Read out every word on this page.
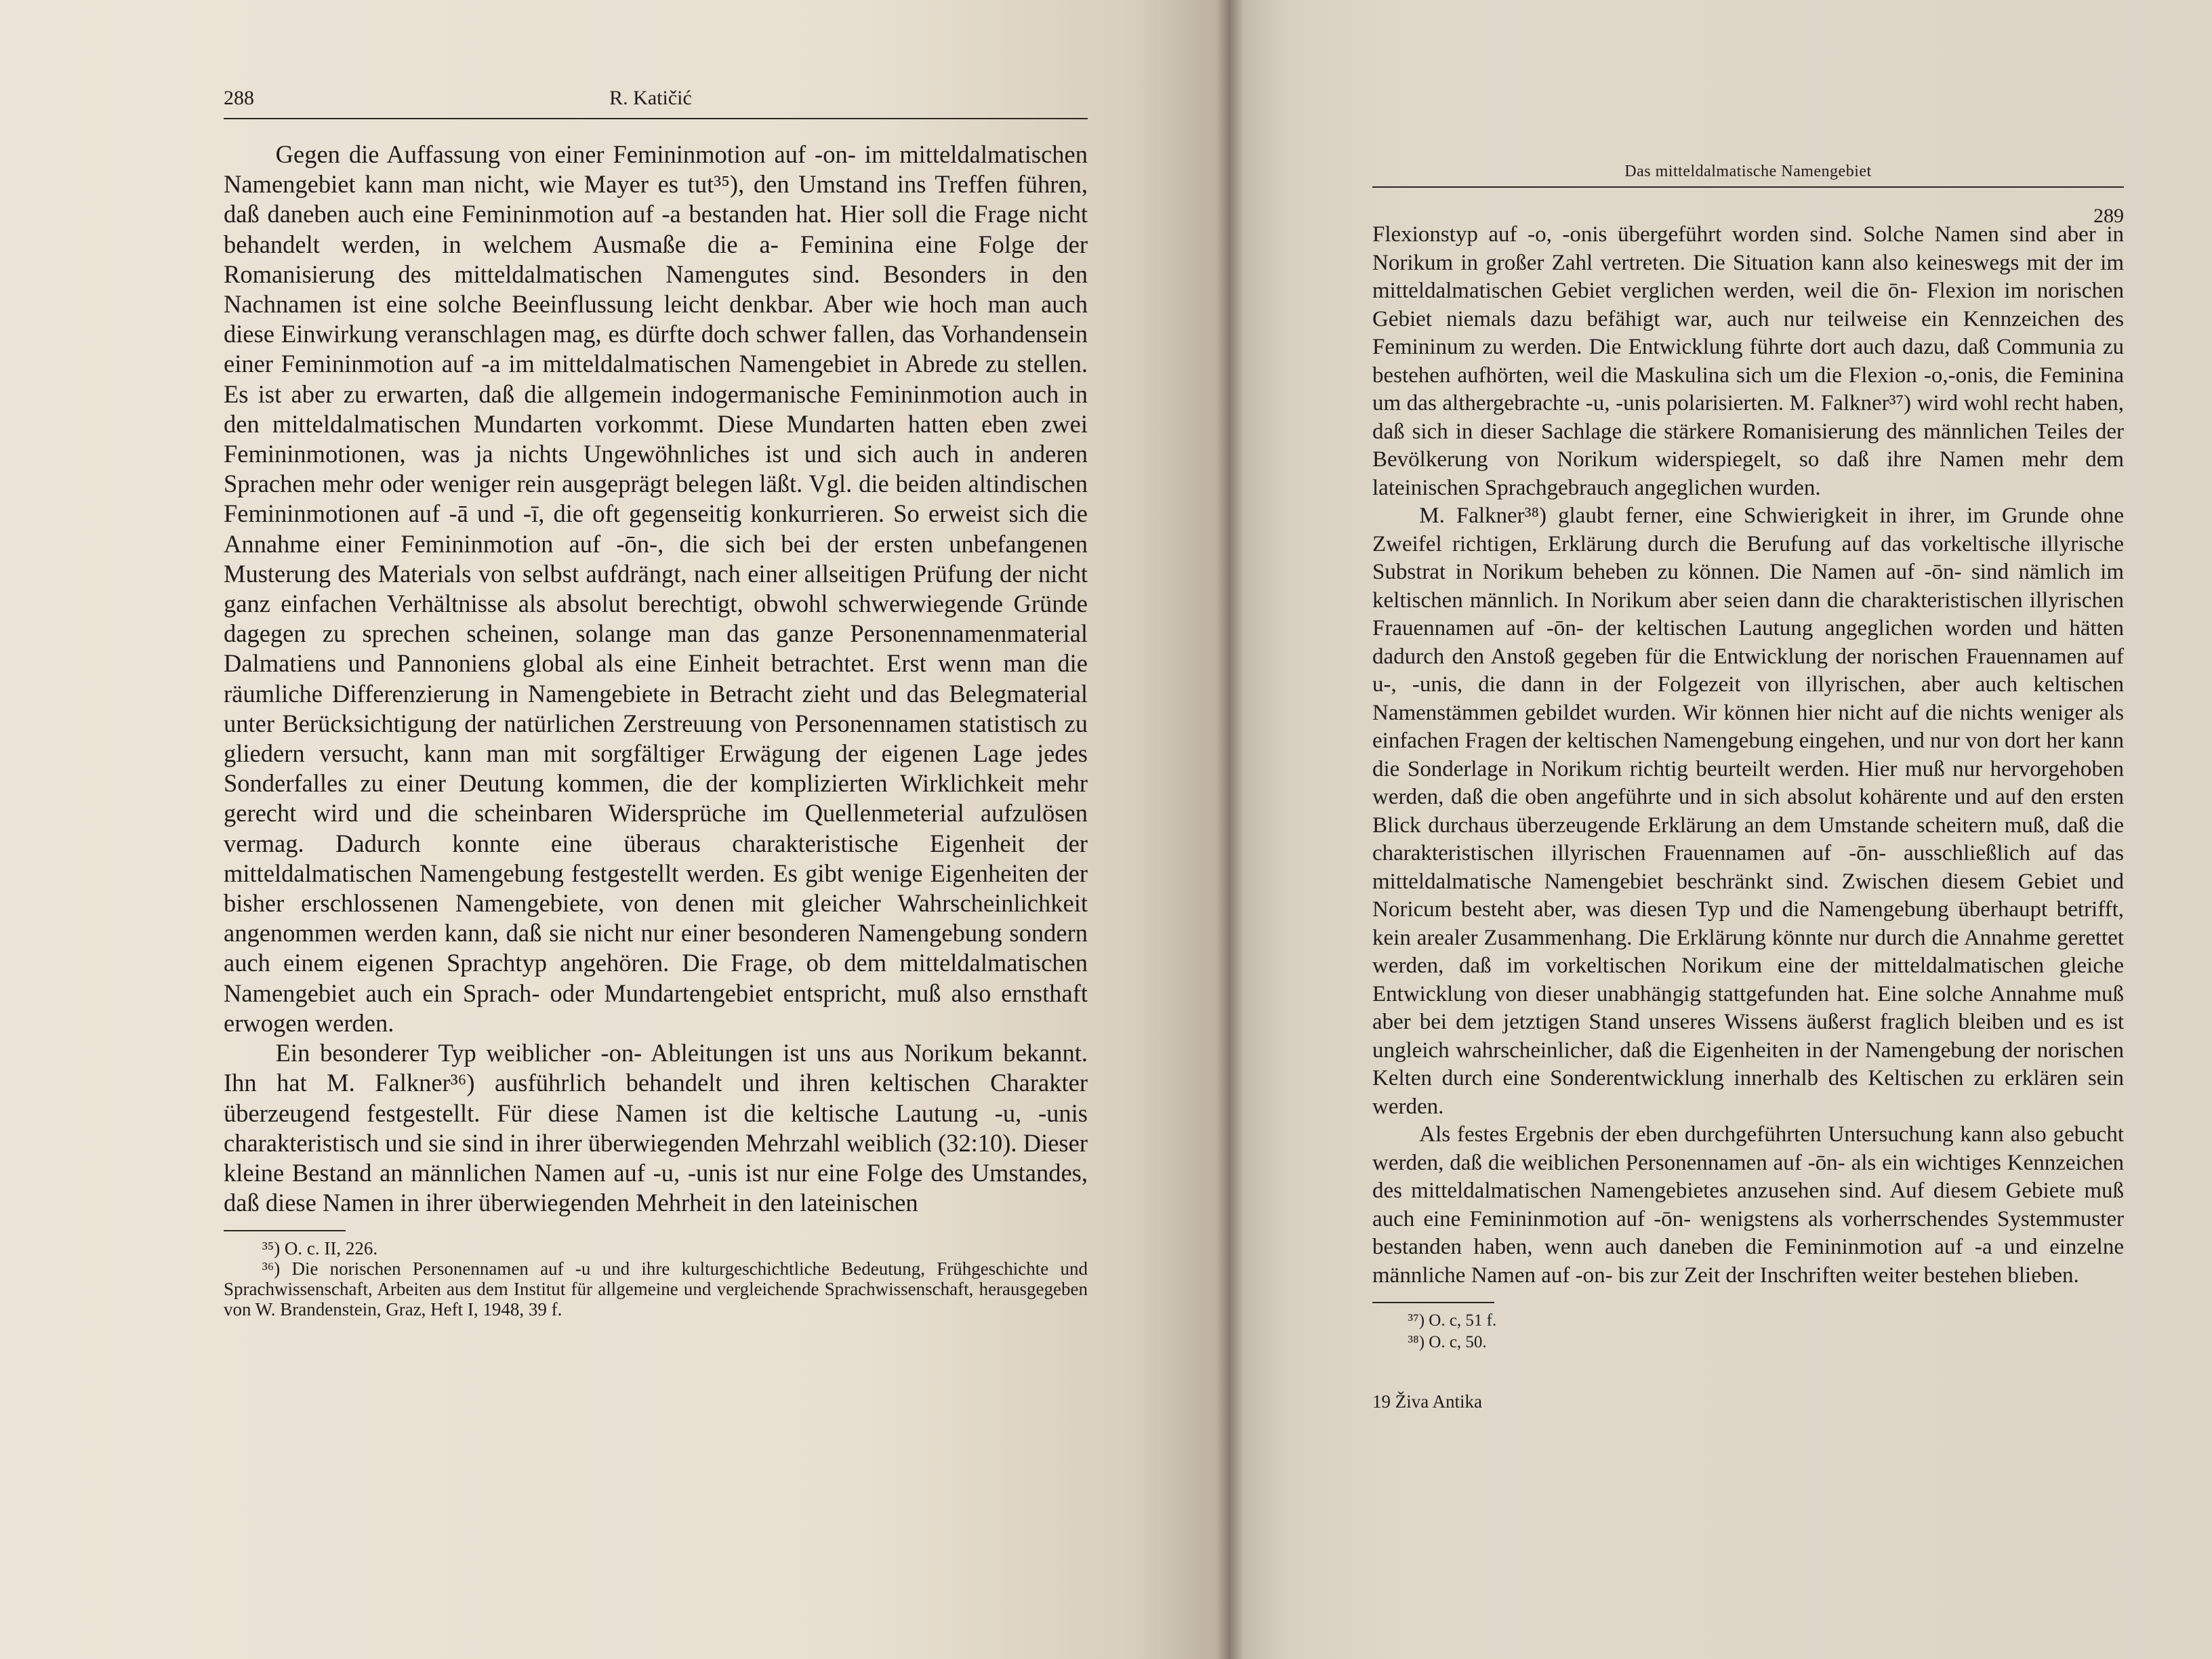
288	R. Katičić

Gegen die Auffassung von einer Femininmotion auf -on- im mitteldalmatischen Namengebiet kann man nicht, wie Mayer es tut³⁵), den Umstand ins Treffen führen, daß daneben auch eine Femininmotion auf -a bestanden hat. Hier soll die Frage nicht behandelt werden, in welchem Ausmaße die a- Feminina eine Folge der Romanisierung des mitteldalmatischen Namengutes sind. Besonders in den Nachnamen ist eine solche Beeinflussung leicht denkbar. Aber wie hoch man auch diese Einwirkung veranschlagen mag, es dürfte doch schwer fallen, das Vorhandensein einer Femininmotion auf -a im mitteldalmatischen Namengebiet in Abrede zu stellen. Es ist aber zu erwarten, daß die allgemein indogermanische Femininmotion auch in den mitteldalmatischen Mundarten vorkommt. Diese Mundarten hatten eben zwei Femininmotionen, was ja nichts Ungewöhnliches ist und sich auch in anderen Sprachen mehr oder weniger rein ausgeprägt belegen läßt. Vgl. die beiden altindischen Femininmotionen auf -ā und -ī, die oft gegenseitig konkurrieren. So erweist sich die Annahme einer Femininmotion auf -ōn-, die sich bei der ersten unbefangenen Musterung des Materials von selbst aufdrängt, nach einer allseitigen Prüfung der nicht ganz einfachen Verhältnisse als absolut berechtigt, obwohl schwerwiegende Gründe dagegen zu sprechen scheinen, solange man das ganze Personennamenmaterial Dalmatiens und Pannoniens global als eine Einheit betrachtet. Erst wenn man die räumliche Differenzierung in Namengebiete in Betracht zieht und das Belegmaterial unter Berücksichtigung der natürlichen Zerstreuung von Personennamen statistisch zu gliedern versucht, kann man mit sorgfältiger Erwägung der eigenen Lage jedes Sonderfalles zu einer Deutung kommen, die der komplizierten Wirklichkeit mehr gerecht wird und die scheinbaren Widersprüche im Quellenmeterial aufzulösen vermag. Dadurch konnte eine überaus charakteristische Eigenheit der mitteldalmatischen Namengebung festgestellt werden. Es gibt wenige Eigenheiten der bisher erschlossenen Namengebiete, von denen mit gleicher Wahrscheinlichkeit angenommen werden kann, daß sie nicht nur einer besonderen Namengebung sondern auch einem eigenen Sprachtyp angehören. Die Frage, ob dem mitteldalmatischen Namengebiet auch ein Sprach- oder Mundartengebiet entspricht, muß also ernsthaft erwogen werden.

Ein besonderer Typ weiblicher -on- Ableitungen ist uns aus Norikum bekannt. Ihn hat M. Falkner³⁶) ausführlich behandelt und ihren keltischen Charakter überzeugend festgestellt. Für diese Namen ist die keltische Lautung -u, -unis charakteristisch und sie sind in ihrer überwiegenden Mehrzahl weiblich (32:10). Dieser kleine Bestand an männlichen Namen auf -u, -unis ist nur eine Folge des Umstandes, daß diese Namen in ihrer überwiegenden Mehrheit in den lateinischen

³⁵) O. c. II, 226.

³⁶) Die norischen Personennamen auf -u und ihre kulturgeschichtliche Bedeutung, Frühgeschichte und Sprachwissenschaft, Arbeiten aus dem Institut für allgemeine und vergleichende Sprachwissenschaft, herausgegeben von W. Brandenstein, Graz, Heft I, 1948, 39 f.

Das mitteldalmatische Namengebiet
289

Flexionstyp auf -o, -onis übergeführt worden sind. Solche Namen sind aber in Norikum in großer Zahl vertreten. Die Situation kann also keineswegs mit der im mitteldalmatischen Gebiet verglichen werden, weil die ōn- Flexion im norischen Gebiet niemals dazu befähigt war, auch nur teilweise ein Kennzeichen des Femininum zu werden. Die Entwicklung führte dort auch dazu, daß Communia zu bestehen aufhörten, weil die Maskulina sich um die Flexion -o,-onis, die Feminina um das althergebrachte -u, -unis polarisierten. M. Falkner³⁷) wird wohl recht haben, daß sich in dieser Sachlage die stärkere Romanisierung des männlichen Teiles der Bevölkerung von Norikum widerspiegelt, so daß ihre Namen mehr dem lateinischen Sprachgebrauch angeglichen wurden.

M. Falkner³⁸) glaubt ferner, eine Schwierigkeit in ihrer, im Grunde ohne Zweifel richtigen, Erklärung durch die Berufung auf das vorkeltische illyrische Substrat in Norikum beheben zu können. Die Namen auf -ōn- sind nämlich im keltischen männlich. In Norikum aber seien dann die charakteristischen illyrischen Frauennamen auf -ōn- der keltischen Lautung angeglichen worden und hätten dadurch den Anstoß gegeben für die Entwicklung der norischen Frauennamen auf u-, -unis, die dann in der Folgezeit von illyrischen, aber auch keltischen Namenstämmen gebildet wurden. Wir können hier nicht auf die nichts weniger als einfachen Fragen der keltischen Namengebung eingehen, und nur von dort her kann die Sonderlage in Norikum richtig beurteilt werden. Hier muß nur hervorgehoben werden, daß die oben angeführte und in sich absolut kohärente und auf den ersten Blick durchaus überzeugende Erklärung an dem Umstande scheitern muß, daß die charakteristischen illyrischen Frauennamen auf -ōn- ausschließlich auf das mitteldalmatische Namengebiet beschränkt sind. Zwischen diesem Gebiet und Noricum besteht aber, was diesen Typ und die Namengebung überhaupt betrifft, kein arealer Zusammenhang. Die Erklärung könnte nur durch die Annahme gerettet werden, daß im vorkeltischen Norikum eine der mitteldalmatischen gleiche Entwicklung von dieser unabhängig stattgefunden hat. Eine solche Annahme muß aber bei dem jetztigen Stand unseres Wissens äußerst fraglich bleiben und es ist ungleich wahrscheinlicher, daß die Eigenheiten in der Namengebung der norischen Kelten durch eine Sonderentwicklung innerhalb des Keltischen zu erklären sein werden.

Als festes Ergebnis der eben durchgeführten Untersuchung kann also gebucht werden, daß die weiblichen Personennamen auf -ōn- als ein wichtiges Kennzeichen des mitteldalmatischen Namengebietes anzusehen sind. Auf diesem Gebiete muß auch eine Femininmotion auf -ōn- wenigstens als vorherrschendes Systemmuster bestanden haben, wenn auch daneben die Femininmotion auf -a und einzelne männliche Namen auf -on- bis zur Zeit der Inschriften weiter bestehen blieben.

³⁷) O. c, 51 f.

³⁸) O. c, 50.

19 Živa Antika
